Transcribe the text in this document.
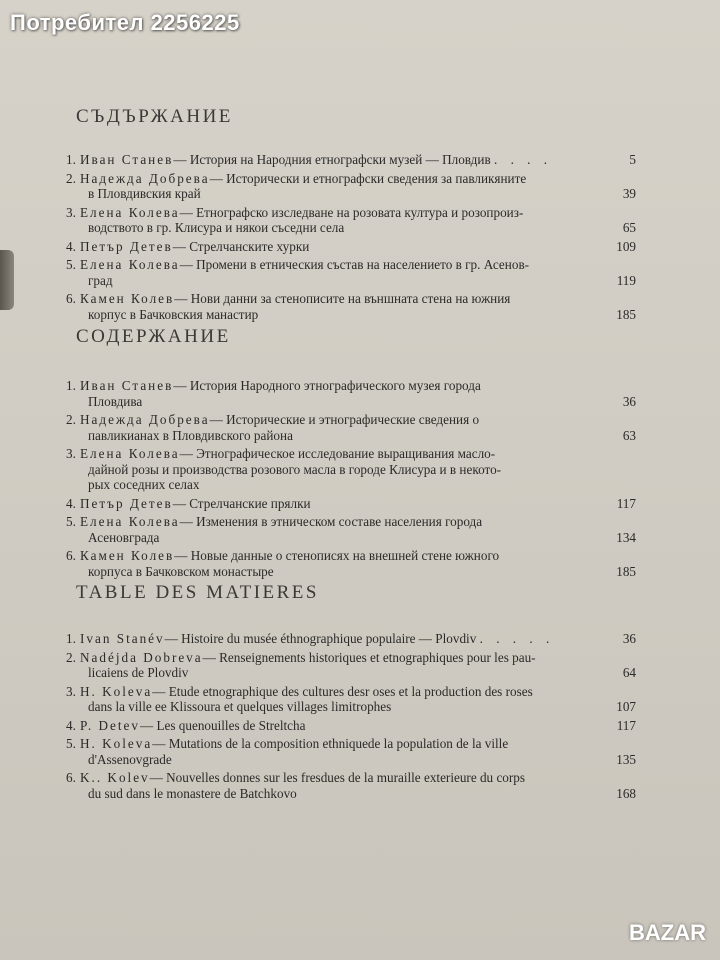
Потребител 2256225
СЪДЪРЖАНИЕ
1. Иван Станев— История на Народния етнографски музей — Пловдив . . . .	5
2. Надежда Добрева— Исторически и етнографски сведения за павликяните
в Пловдивския край	39
3. Елена Колева— Етнографско изследване на розовата култура и розопроиз-
водството в гр. Клисура и някои съседни села	65
4. Петър Детев— Стрелчанските хурки	109
5. Елена Колева— Промени в етническия състав на населението в гр. Асенов-
град	119
6. Камен Колев— Нови данни за стенописите на външната стена на южния
корпус в Бачковския манастир	185
СОДЕРЖАНИЕ
1. Иван Станев— История Народного этнографического музея города
Пловдива	36
2. Надежда Добрева— Исторические и этнографические сведения о
павликианах в Пловдивского района	63
3. Елена Колева— Этнографическое исследование выращивания масло-
дайной розы и производства розового масла в городе Клисура и в некото-
рых соседних селах
4. Петър Детев— Стрелчанские прялки	117
5. Елена Колева— Изменения в этническом составе населения города
Асеновграда	134
6. Камен Колев— Новые данные о стенописях на внешней стене южного
корпуса в Бачковском монастыре	185
TABLE DES MATIERES
1. Ivan Stanév— Histoire du musée éthnographique populaire — Plovdiv . . . . .	36
2. Nadéjda Dobreva— Renseignements historiques et etnographiques pour les pau-
licaiens de Plovdiv	64
3. H. Koleva— Etude etnographique des cultures desr oses et la production des roses
dans la ville ee Klissoura et quelques villages limitrophes	107
4. P. Detev— Les quenouilles de Streltcha	117
5. H. Koleva— Mutations de la composition ethniquede la population de la ville
d'Assenovgrade	135
6. K.. Kolev— Nouvelles donnes sur les fresdues de la muraille exterieure du corps
du sud dans le monastere de Batchkovo	168
BAZAR
